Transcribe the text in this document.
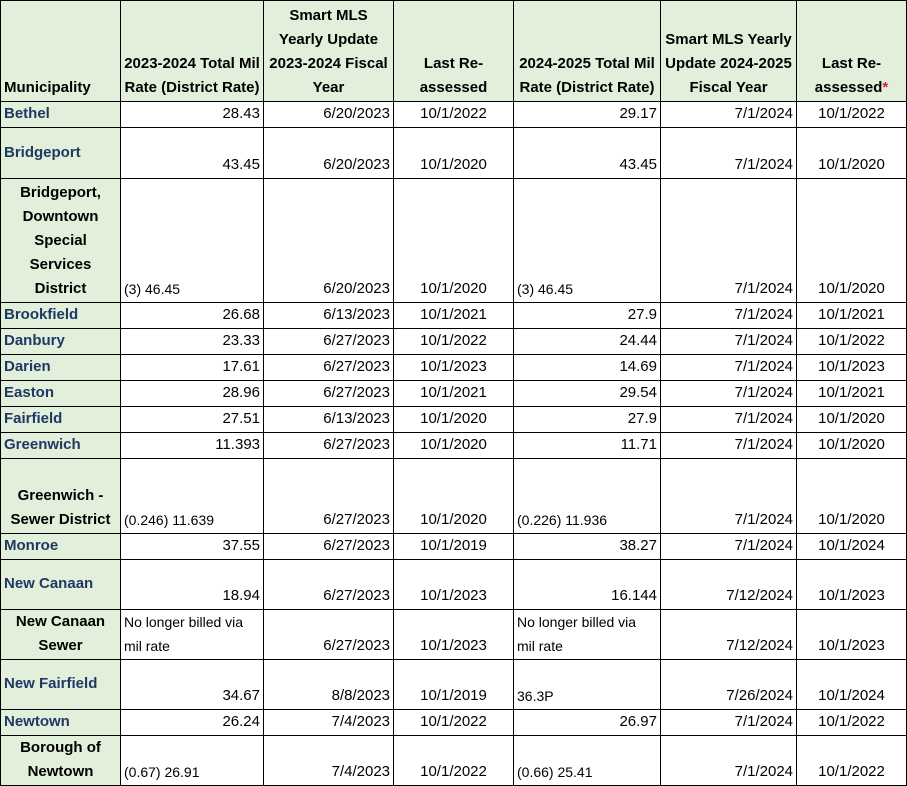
Municipality	2023-2024 Total Mil Rate (District Rate)	Smart MLS Yearly Update 2023-2024 Fiscal Year	Last Re-assessed	2024-2025 Total Mil Rate (District Rate)	Smart MLS Yearly Update 2024-2025 Fiscal Year	Last Re-assessed*
Bethel	28.43	6/20/2023	10/1/2022	29.17	7/1/2024	10/1/2022
Bridgeport	43.45	6/20/2023	10/1/2020	43.45	7/1/2024	10/1/2020
Bridgeport, Downtown Special Services District	(3) 46.45	6/20/2023	10/1/2020	(3) 46.45	7/1/2024	10/1/2020
Brookfield	26.68	6/13/2023	10/1/2021	27.9	7/1/2024	10/1/2021
Danbury	23.33	6/27/2023	10/1/2022	24.44	7/1/2024	10/1/2022
Darien	17.61	6/27/2023	10/1/2023	14.69	7/1/2024	10/1/2023
Easton	28.96	6/27/2023	10/1/2021	29.54	7/1/2024	10/1/2021
Fairfield	27.51	6/13/2023	10/1/2020	27.9	7/1/2024	10/1/2020
Greenwich	11.393	6/27/2023	10/1/2020	11.71	7/1/2024	10/1/2020
Greenwich - Sewer District	(0.246) 11.639	6/27/2023	10/1/2020	(0.226) 11.936	7/1/2024	10/1/2020
Monroe	37.55	6/27/2023	10/1/2019	38.27	7/1/2024	10/1/2024
New Canaan	18.94	6/27/2023	10/1/2023	16.144	7/12/2024	10/1/2023
New Canaan Sewer	No longer billed via mil rate	6/27/2023	10/1/2023	No longer billed via mil rate	7/12/2024	10/1/2023
New Fairfield	34.67	8/8/2023	10/1/2019	36.3P	7/26/2024	10/1/2024
Newtown	26.24	7/4/2023	10/1/2022	26.97	7/1/2024	10/1/2022
Borough of Newtown	(0.67) 26.91	7/4/2023	10/1/2022	(0.66) 25.41	7/1/2024	10/1/2022
